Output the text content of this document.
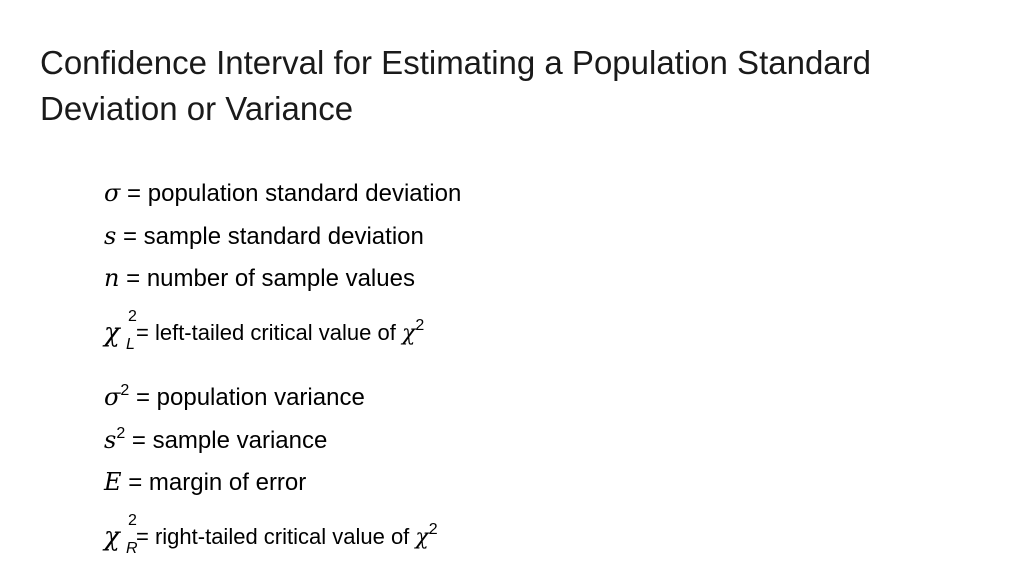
Confidence Interval for Estimating a Population Standard Deviation or Variance
σ = population standard deviation
s = sample standard deviation
n = number of sample values
χ
2
L = left-tailed critical value of $\chi^2$
$\sigma^2$ = population variance
$s^2$ = sample variance
E = margin of error
χ
2
R
= right-tailed critical value of $\chi^2$
